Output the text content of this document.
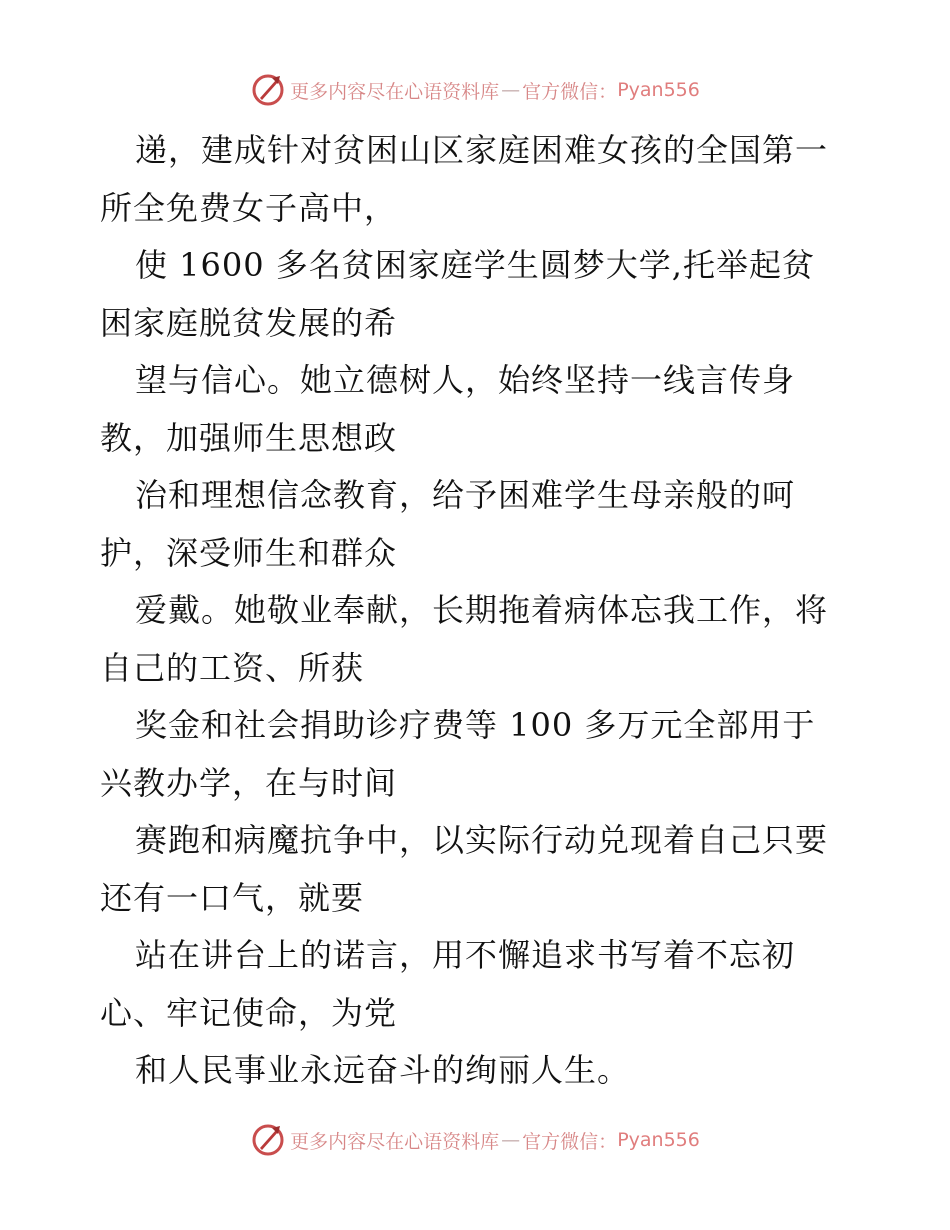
更多内容尽在心语资料库 — 官方微信： Pyan556
递，建成针对贫困山区家庭困难女孩的全国第一
所全免费女子高中，
使 1600 多名贫困家庭学生圆梦大学,托举起贫
困家庭脱贫发展的希
望与信心。她立德树人，始终坚持一线言传身
教，加强师生思想政
治和理想信念教育，给予困难学生母亲般的呵
护，深受师生和群众
爱戴。她敬业奉献，长期拖着病体忘我工作，将
自己的工资、所获
奖金和社会捐助诊疗费等 100 多万元全部用于
兴教办学，在与时间
赛跑和病魔抗争中，以实际行动兑现着自己只要
还有一口气，就要
站在讲台上的诺言，用不懈追求书写着不忘初
心、牢记使命，为党
和人民事业永远奋斗的绚丽人生。
更多内容尽在心语资料库 — 官方微信： Pyan556
